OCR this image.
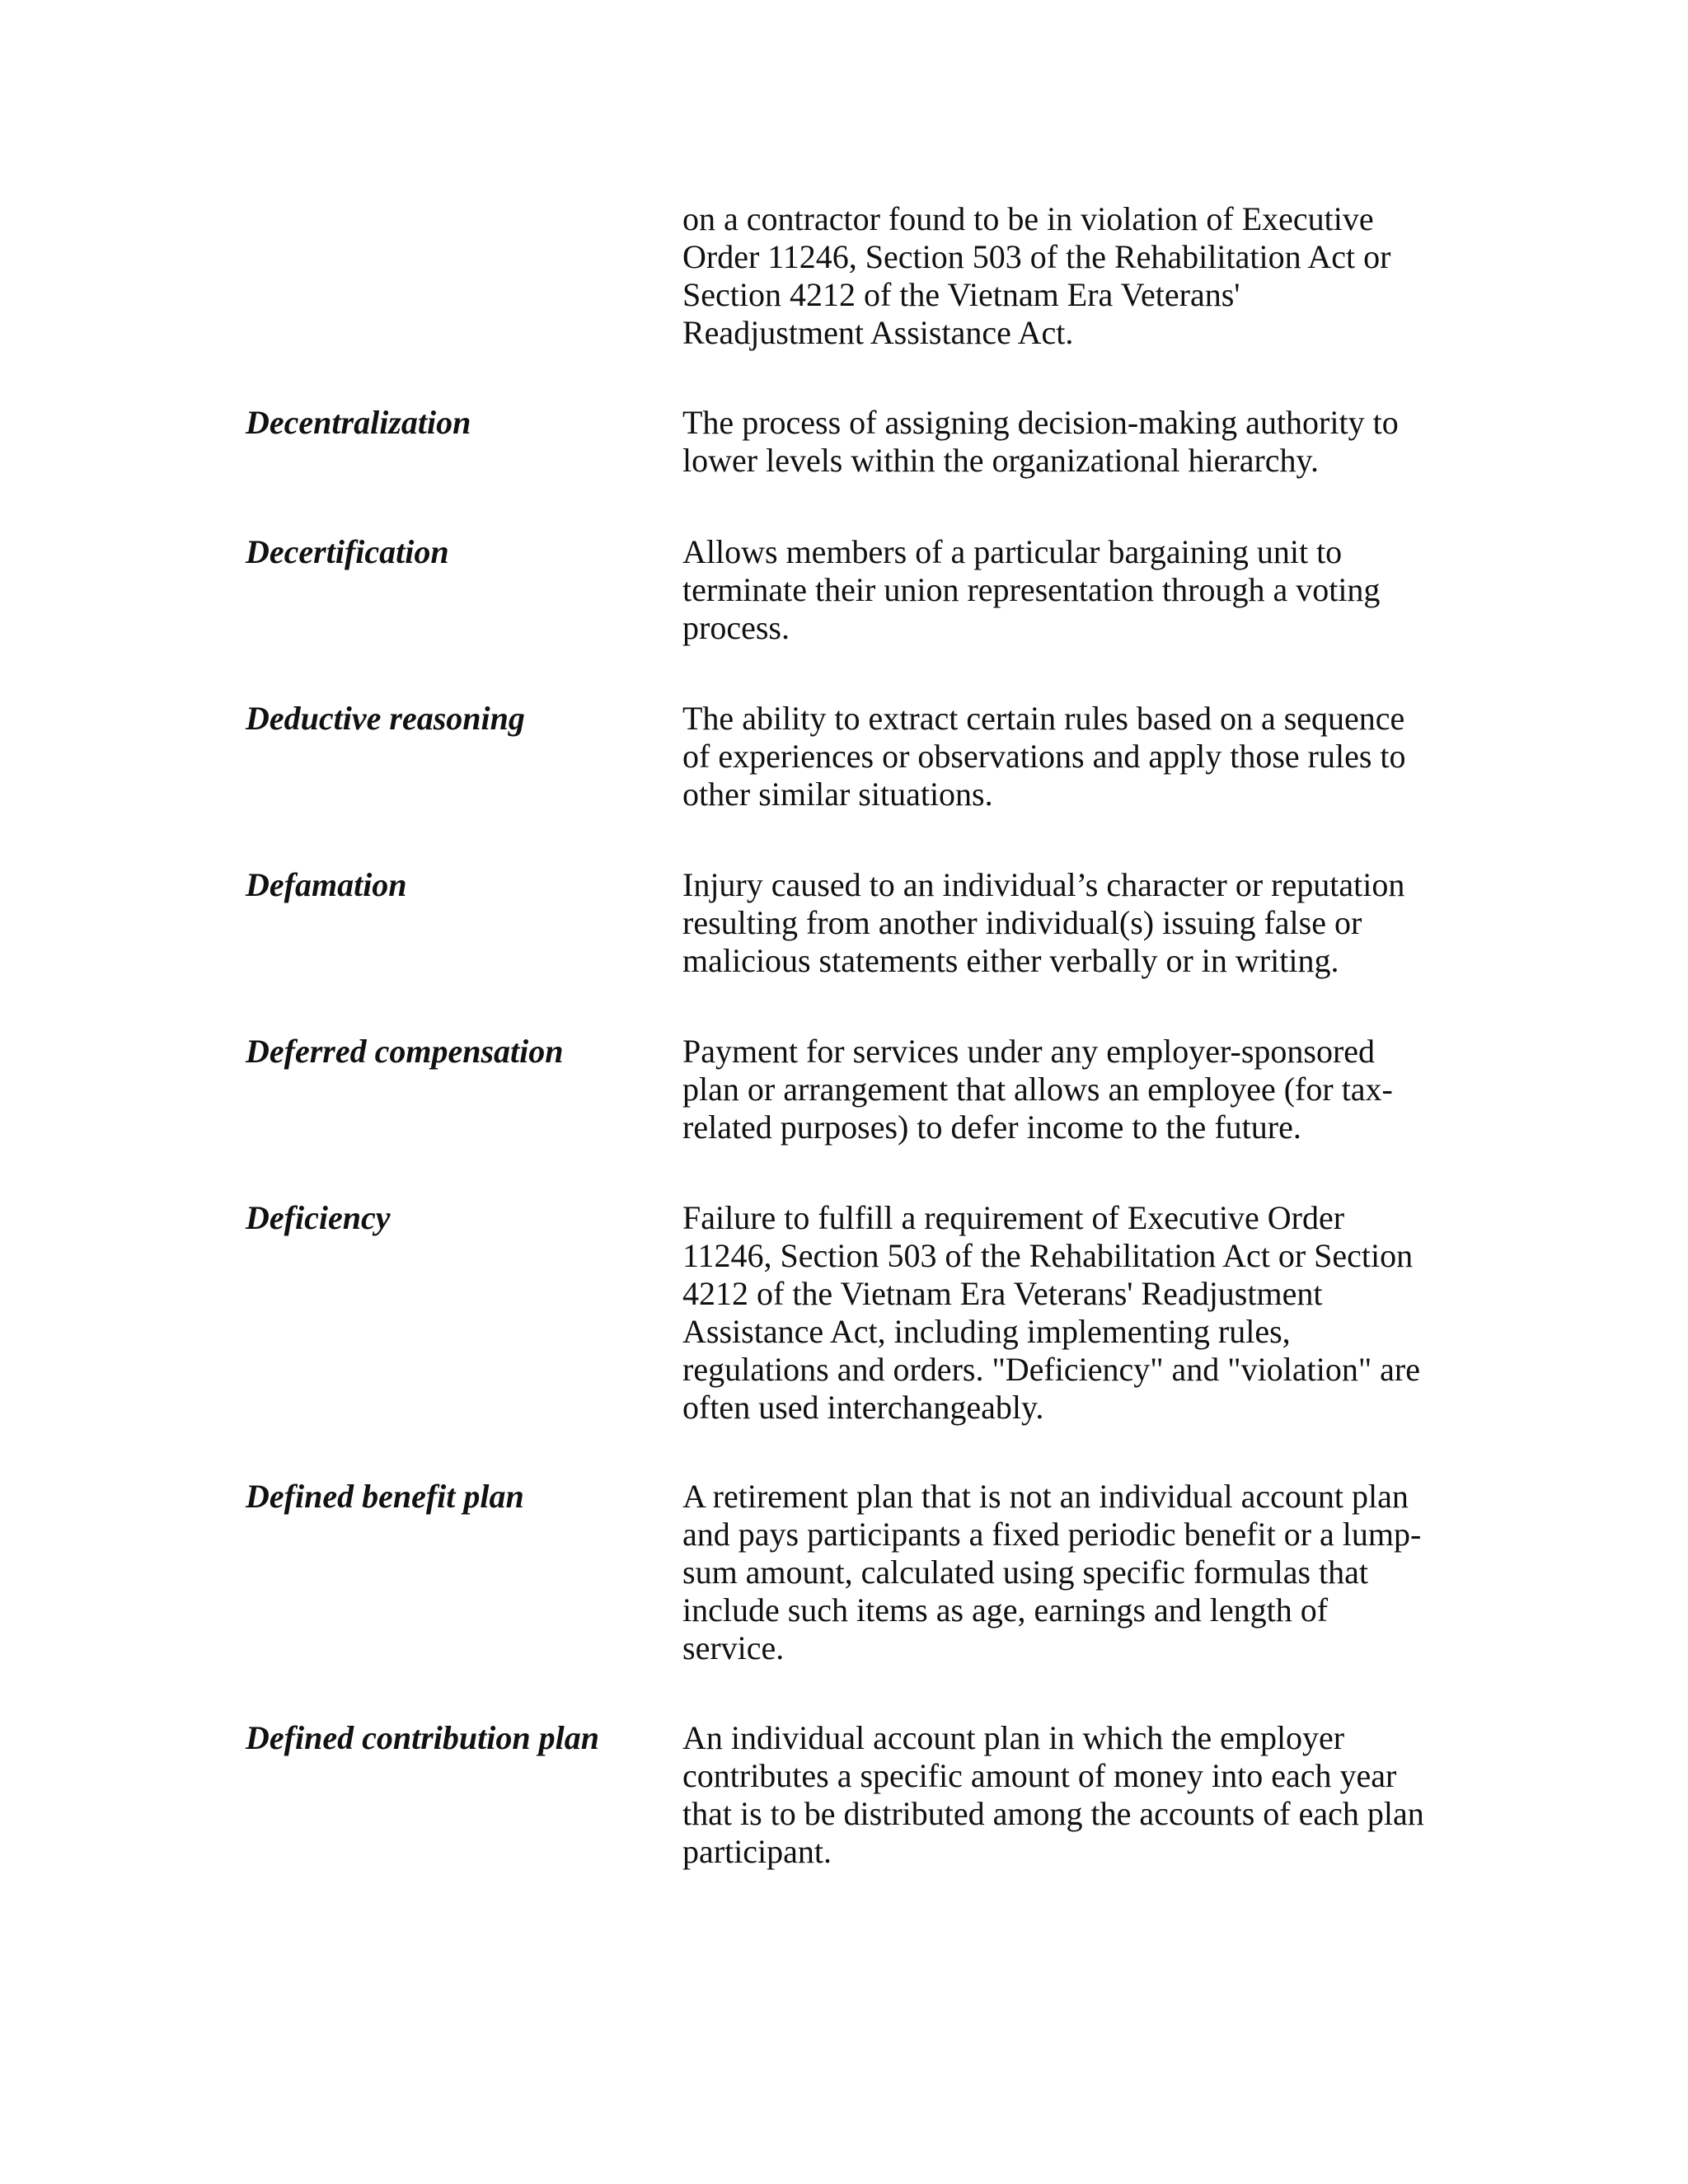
on a contractor found to be in violation of Executive
Order 11246, Section 503 of the Rehabilitation Act or
Section 4212 of the Vietnam Era Veterans'
Readjustment Assistance Act.
Decentralization	The process of assigning decision-making authority to
lower levels within the organizational hierarchy.
Decertification	Allows members of a particular bargaining unit to
terminate their union representation through a voting
process.
Deductive reasoning	The ability to extract certain rules based on a sequence
of experiences or observations and apply those rules to
other similar situations.
Defamation	Injury caused to an individual’s character or reputation
resulting from another individual(s) issuing false or
malicious statements either verbally or in writing.
Deferred compensation	Payment for services under any employer-sponsored
plan or arrangement that allows an employee (for tax-
related purposes) to defer income to the future.
Deficiency	Failure to fulfill a requirement of Executive Order
11246, Section 503 of the Rehabilitation Act or Section
4212 of the Vietnam Era Veterans' Readjustment
Assistance Act, including implementing rules,
regulations and orders. "Deficiency" and "violation" are
often used interchangeably.
Defined benefit plan	A retirement plan that is not an individual account plan
and pays participants a fixed periodic benefit or a lump-
sum amount, calculated using specific formulas that
include such items as age, earnings and length of
service.
Defined contribution plan	An individual account plan in which the employer
contributes a specific amount of money into each year
that is to be distributed among the accounts of each plan
participant.
